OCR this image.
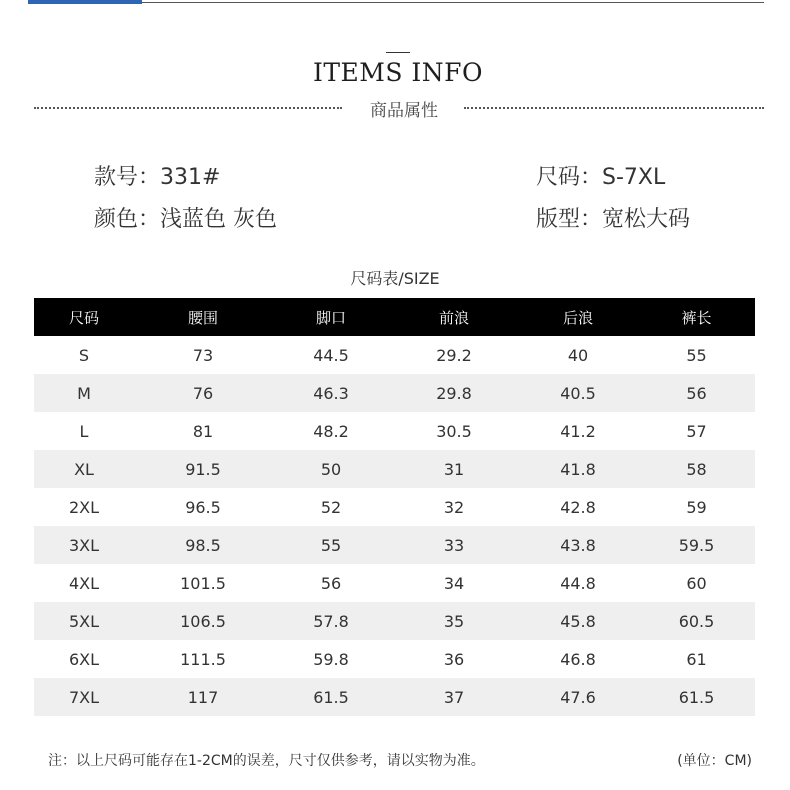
ITEMS INFO
商品属性
款号：331#	尺码：S-7XL
颜色：浅蓝色 灰色	版型：宽松大码
尺码表/SIZE
尺码	腰围	脚口	前浪	后浪	裤长
S	73	44.5	29.2	40	55
M	76	46.3	29.8	40.5	56
L	81	48.2	30.5	41.2	57
XL	91.5	50	31	41.8	58
2XL	96.5	52	32	42.8	59
3XL	98.5	55	33	43.8	59.5
4XL	101.5	56	34	44.8	60
5XL	106.5	57.8	35	45.8	60.5
6XL	111.5	59.8	36	46.8	61
7XL	117	61.5	37	47.6	61.5
注：以上尺码可能存在1-2CM的误差，尺寸仅供参考，请以实物为准。	(单位：CM)
